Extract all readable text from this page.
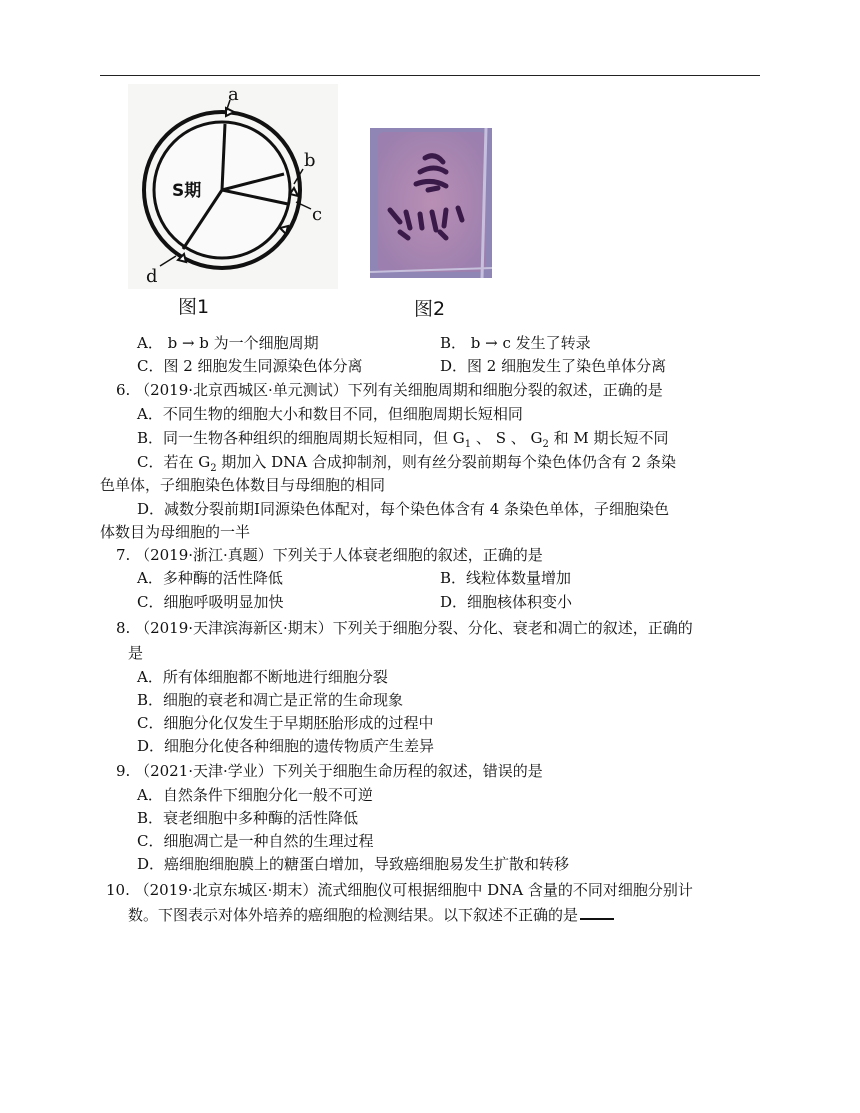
a
b
c
d
S期
图1	图2
A． b → b 为一个细胞周期	B． b → c 发生了转录
C．图 2 细胞发生同源染色体分离	D．图 2 细胞发生了染色单体分离
6. （2019·北京西城区·单元测试）下列有关细胞周期和细胞分裂的叙述，正确的是
A．不同生物的细胞大小和数目不同，但细胞周期长短相同
B．同一生物各种组织的细胞周期长短相同，但 $G_1$ 、 S 、 $G_2$ 和 M 期长短不同
C．若在 $G_2$ 期加入 DNA 合成抑制剂，则有丝分裂前期每个染色体仍含有 2 条染
色单体，子细胞染色体数目与母细胞的相同
D．减数分裂前期Ⅰ同源染色体配对，每个染色体含有 4 条染色单体，子细胞染色
体数目为母细胞的一半
7. （2019·浙江·真题）下列关于人体衰老细胞的叙述，正确的是
A．多种酶的活性降低	B．线粒体数量增加
C．细胞呼吸明显加快	D．细胞核体积变小
8. （2019·天津滨海新区·期末）下列关于细胞分裂、分化、衰老和凋亡的叙述，正确的
是
A．所有体细胞都不断地进行细胞分裂
B．细胞的衰老和凋亡是正常的生命现象
C．细胞分化仅发生于早期胚胎形成的过程中
D．细胞分化使各种细胞的遗传物质产生差异
9. （2021·天津·学业）下列关于细胞生命历程的叙述，错误的是
A．自然条件下细胞分化一般不可逆
B．衰老细胞中多种酶的活性降低
C．细胞凋亡是一种自然的生理过程
D．癌细胞细胞膜上的糖蛋白增加，导致癌细胞易发生扩散和转移
10. （2019·北京东城区·期末）流式细胞仪可根据细胞中 DNA 含量的不同对细胞分别计
数。下图表示对体外培养的癌细胞的检测结果。以下叙述不正确的是
